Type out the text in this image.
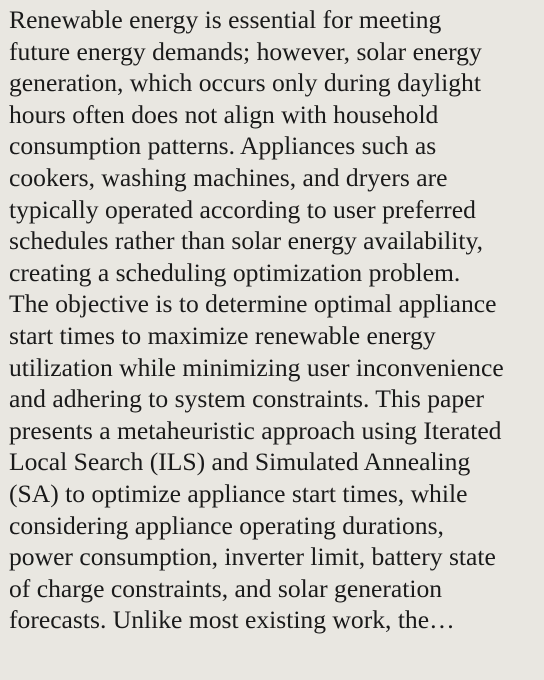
Renewable energy is essential for meeting
future energy demands; however, solar energy
generation, which occurs only during daylight
hours often does not align with household
consumption patterns. Appliances such as
cookers, washing machines, and dryers are
typically operated according to user preferred
schedules rather than solar energy availability,
creating a scheduling optimization problem.
The objective is to determine optimal appliance
start times to maximize renewable energy
utilization while minimizing user inconvenience
and adhering to system constraints. This paper
presents a metaheuristic approach using Iterated
Local Search (ILS) and Simulated Annealing
(SA) to optimize appliance start times, while
considering appliance operating durations,
power consumption, inverter limit, battery state
of charge constraints, and solar generation
forecasts. Unlike most existing work, the…
